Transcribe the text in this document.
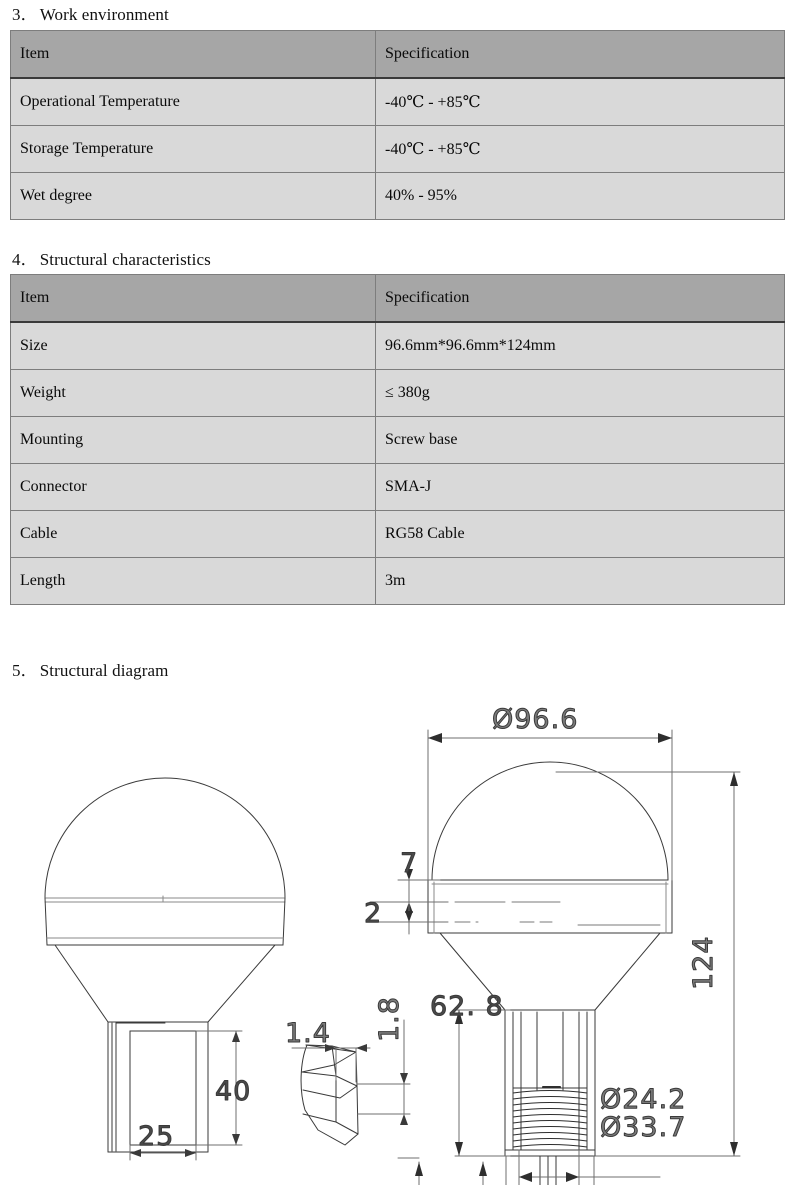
3． Work environment
Item	Specification
Operational Temperature	-40℃ - +85℃
Storage Temperature	-40℃ - +85℃
Wet degree	40% - 95%
4． Structural characteristics
Item	Specification
Size	96.6mm*96.6mm*124mm
Weight	≤ 380g
Mounting	Screw base
Connector	SMA-J
Cable	RG58 Cable
Length	3m
5． Structural diagram
40
25
1.4 1.8
Ø96.6
7
2
124
62. 8
Ø24.2
Ø33.7
